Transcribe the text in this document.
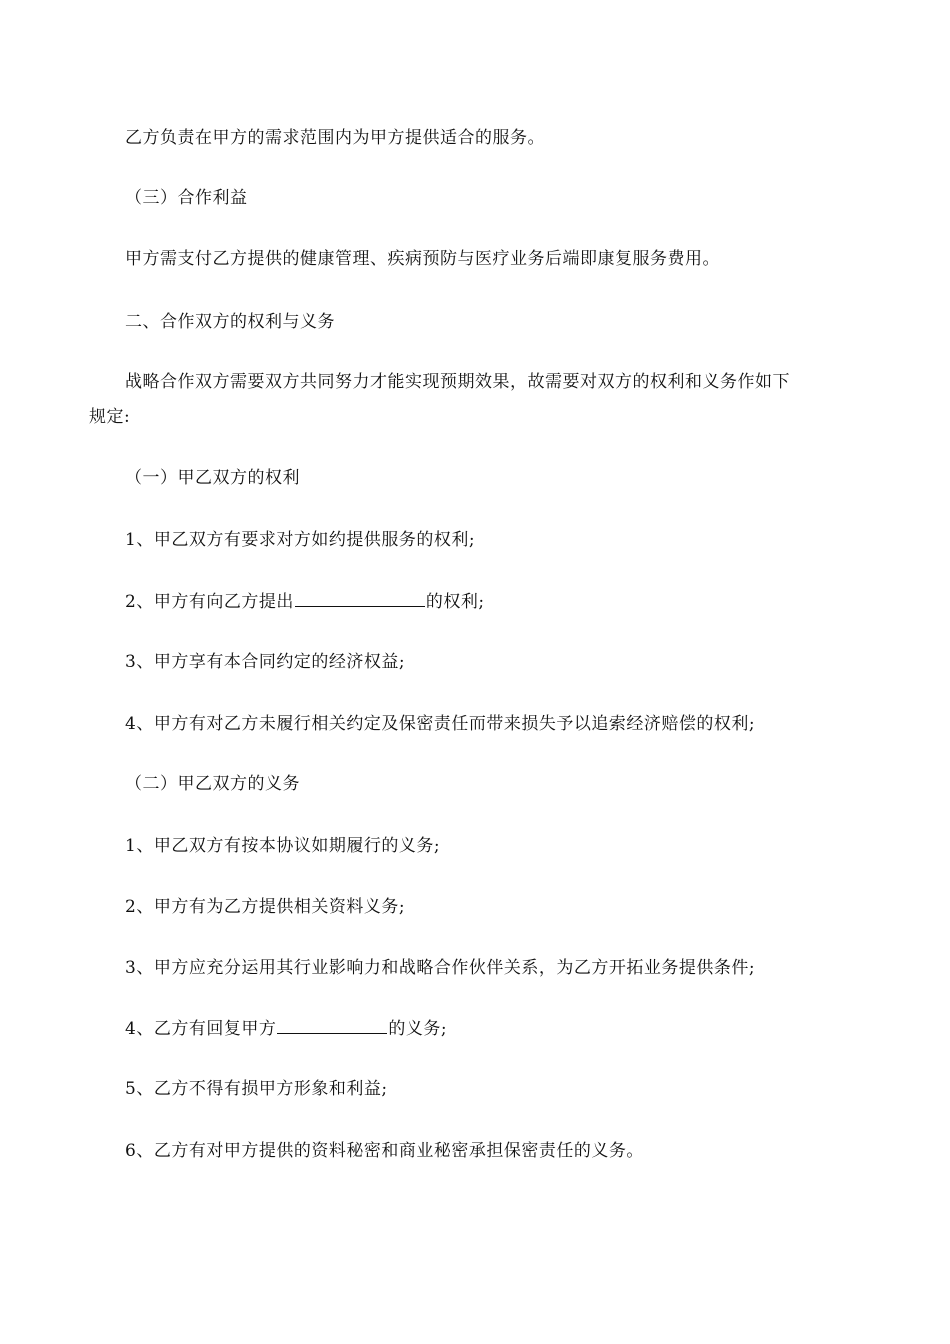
乙方负责在甲方的需求范围内为甲方提供适合的服务。
（三）合作利益
甲方需支付乙方提供的健康管理、疾病预防与医疗业务后端即康复服务费用。
二、合作双方的权利与义务
战略合作双方需要双方共同努力才能实现预期效果，故需要对双方的权利和义务作如下
规定:
（一）甲乙双方的权利
1、甲乙双方有要求对方如约提供服务的权利;
2、甲方有向乙方提出	的权利;
3、甲方享有本合同约定的经济权益;
4、甲方有对乙方未履行相关约定及保密责任而带来损失予以追索经济赔偿的权利;
（二）甲乙双方的义务
1、甲乙双方有按本协议如期履行的义务;
2、甲方有为乙方提供相关资料义务;
3、甲方应充分运用其行业影响力和战略合作伙伴关系，为乙方开拓业务提供条件;
4、乙方有回复甲方	的义务;
5、乙方不得有损甲方形象和利益;
6、乙方有对甲方提供的资料秘密和商业秘密承担保密责任的义务。
